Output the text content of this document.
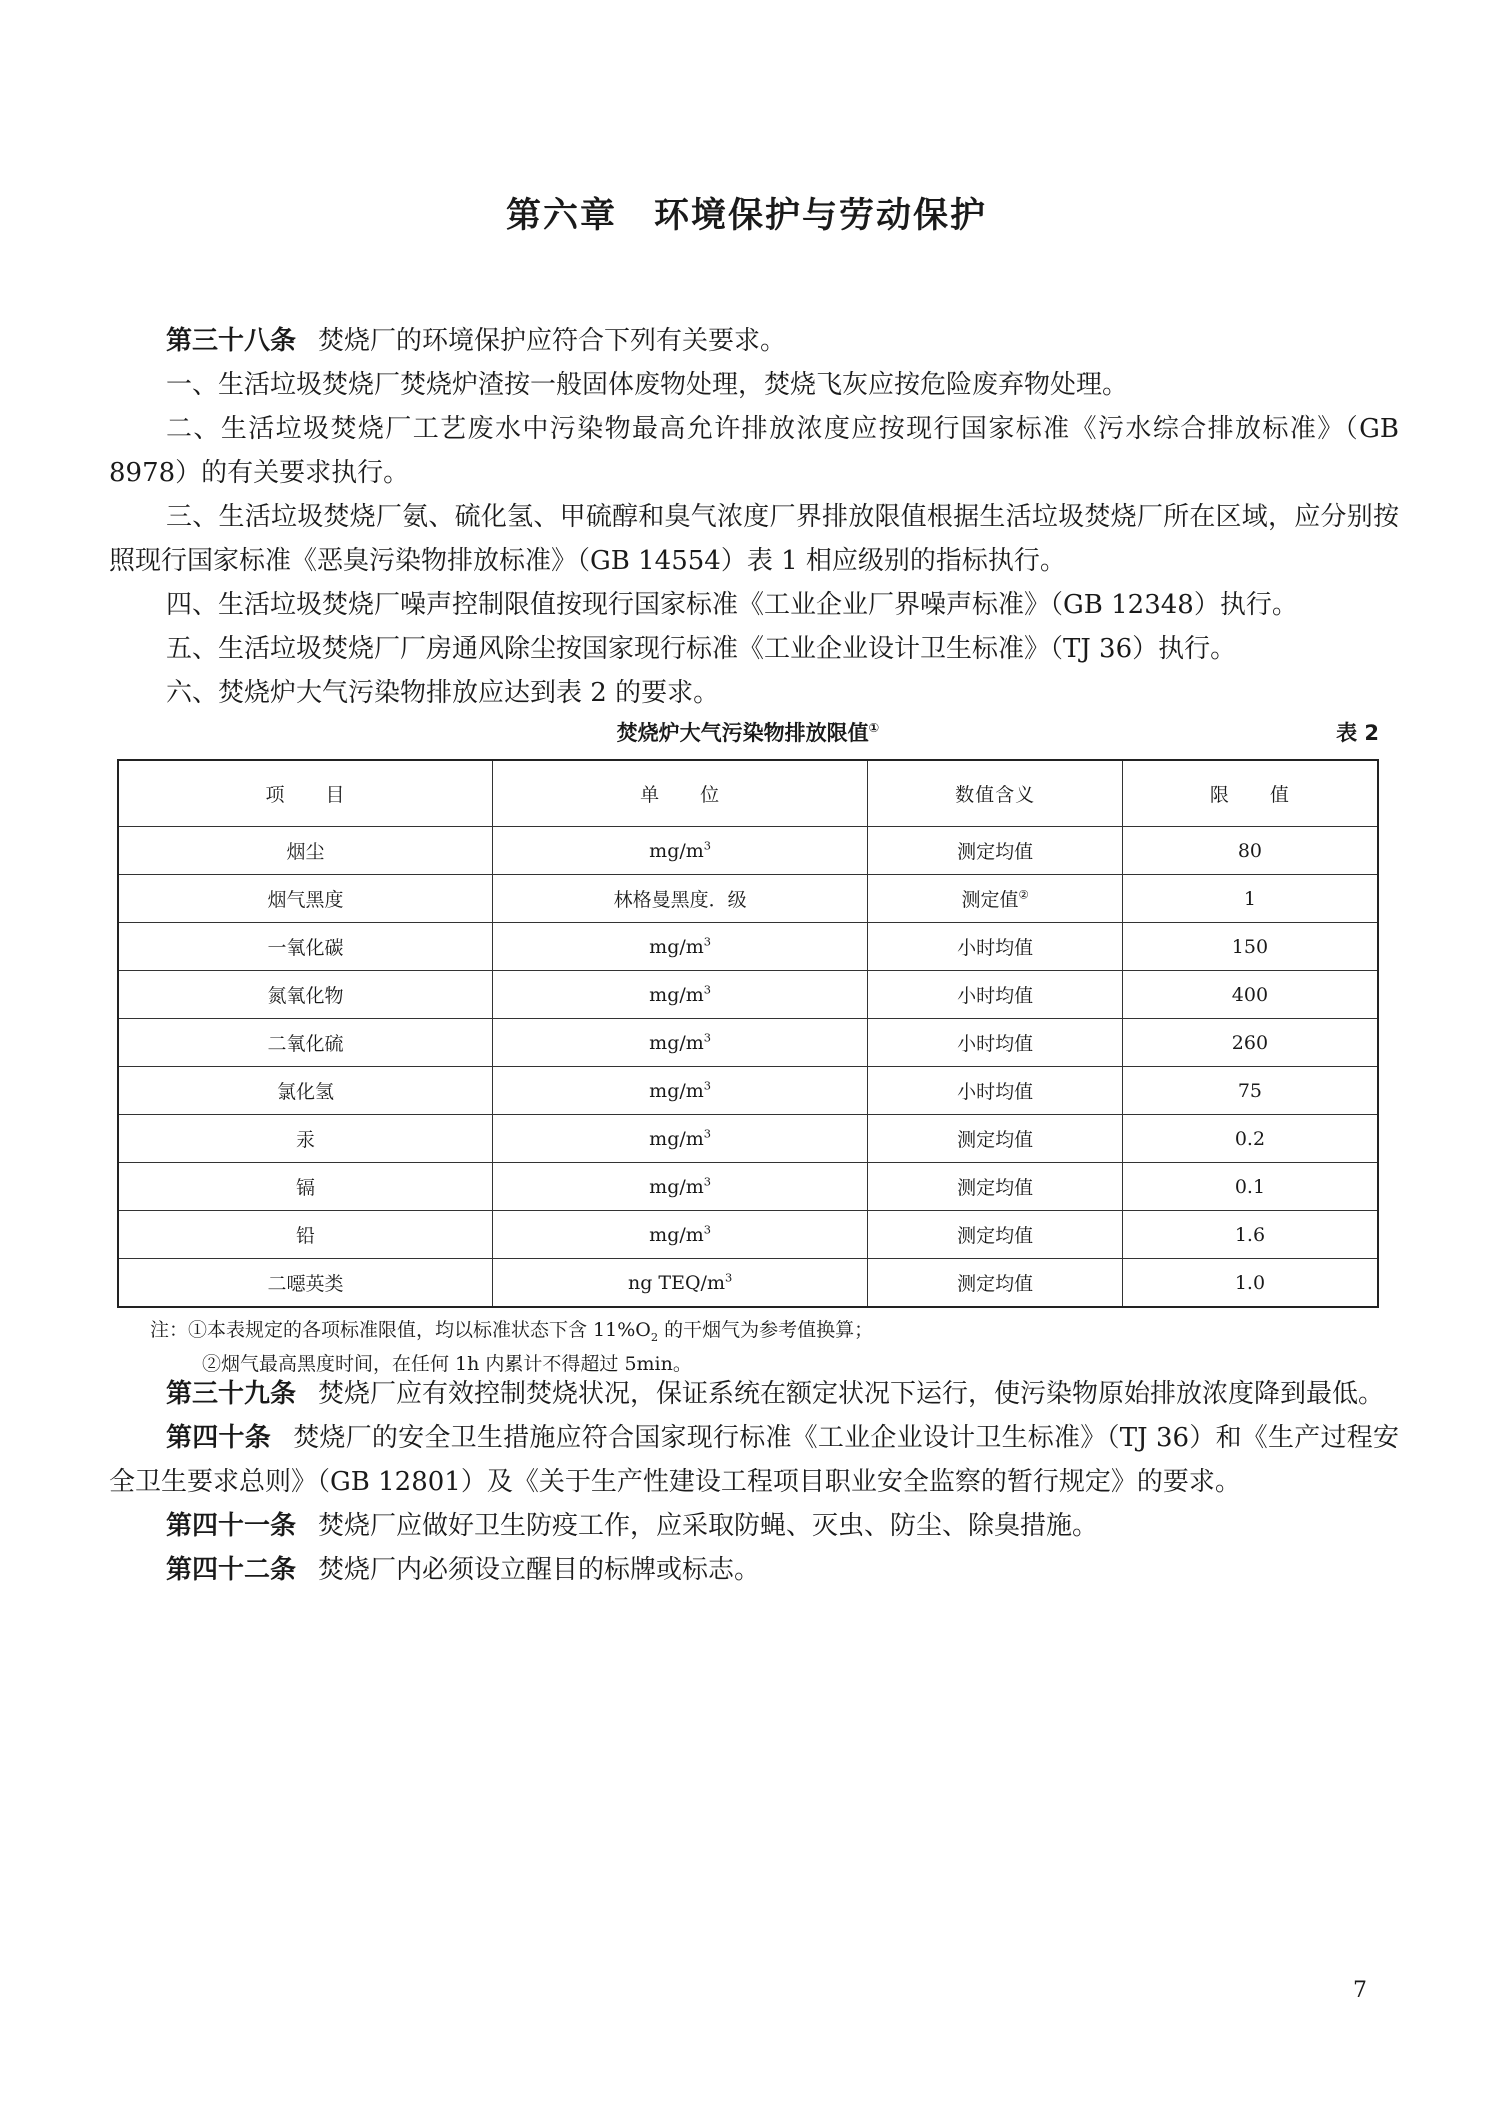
第六章　环境保护与劳动保护

第三十八条 焚烧厂的环境保护应符合下列有关要求。

一、生活垃圾焚烧厂焚烧炉渣按一般固体废物处理，焚烧飞灰应按危险废弃物处理。

二、生活垃圾焚烧厂工艺废水中污染物最高允许排放浓度应按现行国家标准《污水综合排放标准》（GB 8978）的有关要求执行。

三、生活垃圾焚烧厂氨、硫化氢、甲硫醇和臭气浓度厂界排放限值根据生活垃圾焚烧厂所在区域，应分别按照现行国家标准《恶臭污染物排放标准》（GB 14554）表 1 相应级别的指标执行。

四、生活垃圾焚烧厂噪声控制限值按现行国家标准《工业企业厂界噪声标准》（GB 12348）执行。

五、生活垃圾焚烧厂厂房通风除尘按国家现行标准《工业企业设计卫生标准》（TJ 36）执行。

六、焚烧炉大气污染物排放应达到表 2 的要求。

焚烧炉大气污染物排放限值①	表 2
项　　目	单　　位	数值含义	限　　值
烟尘	$mg/m^3$	测定均值	80
烟气黑度	林格曼黑度．级	测定值②	1
一氧化碳	$mg/m^3$	小时均值	150
氮氧化物	$mg/m^3$	小时均值	400
二氧化硫	$mg/m^3$	小时均值	260
氯化氢	$mg/m^3$	小时均值	75
汞	$mg/m^3$	测定均值	0.2
镉	$mg/m^3$	测定均值	0.1
铅	$mg/m^3$	测定均值	1.6
二噁英类	ng TEQ/$m^3$	测定均值	1.0

注：①本表规定的各项标准限值，均以标准状态下含 $11\%O_2$ 的干烟气为参考值换算；

②烟气最高黑度时间，在任何 1h 内累计不得超过 5min。

第三十九条 焚烧厂应有效控制焚烧状况，保证系统在额定状况下运行，使污染物原始排放浓度降到最低。

第四十条 焚烧厂的安全卫生措施应符合国家现行标准《工业企业设计卫生标准》（TJ 36）和《生产过程安全卫生要求总则》（GB 12801）及《关于生产性建设工程项目职业安全监察的暂行规定》的要求。

第四十一条 焚烧厂应做好卫生防疫工作，应采取防蝇、灭虫、防尘、除臭措施。

第四十二条 焚烧厂内必须设立醒目的标牌或标志。

7
